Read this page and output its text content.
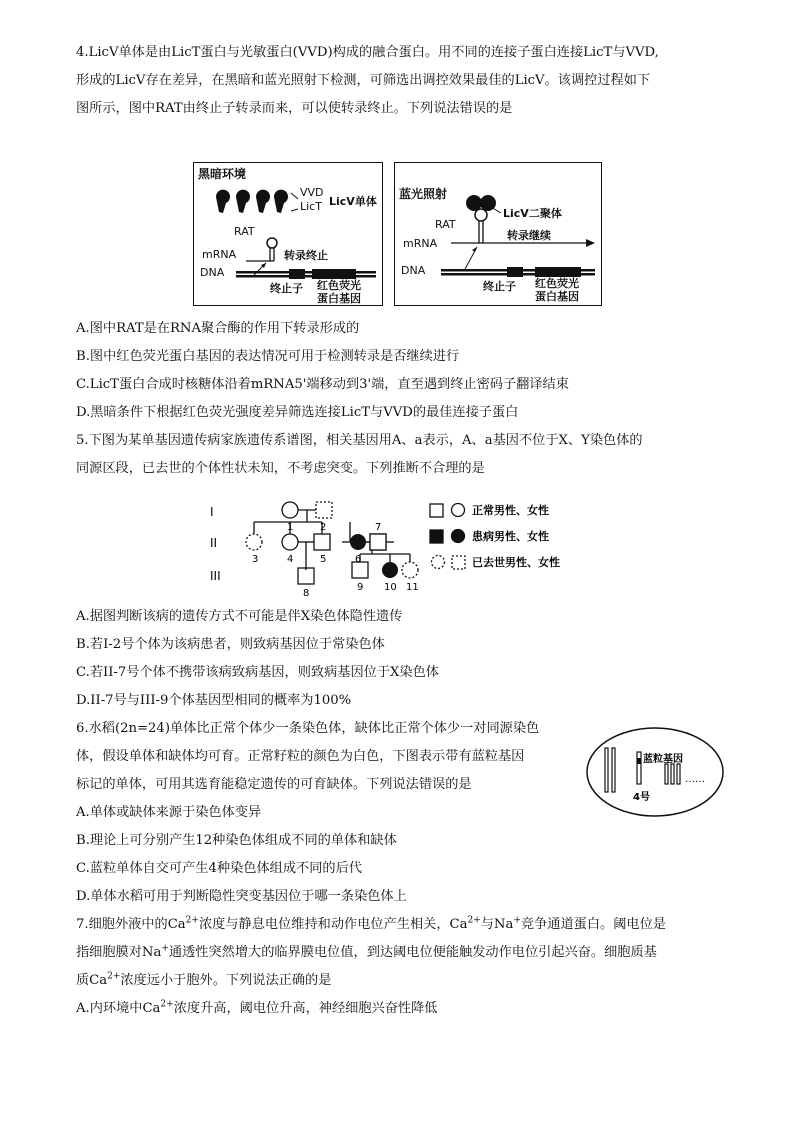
4.LicV单体是由LicT蛋白与光敏蛋白(VVD)构成的融合蛋白。用不同的连接子蛋白连接LicT与VVD,
形成的LicV存在差异，在黑暗和蓝光照射下检测，可筛选出调控效果最佳的LicV。该调控过程如下
图所示，图中RAT由终止子转录而来，可以使转录终止。下列说法错误的是
黑暗环境
VVD
LicT LicV单体
RAT
mRNA	转录终止
DNA
终止子 红色荧光
蛋白基因
蓝光照射
RAT
LicV二聚体
转录继续
mRNA
DNA
终止子 红色荧光
蛋白基因
A.图中RAT是在RNA聚合酶的作用下转录形成的
B.图中红色荧光蛋白基因的表达情况可用于检测转录是否继续进行
C.LicT蛋白合成时核糖体沿着mRNA5'端移动到3'端，直至遇到终止密码子翻译结束
D.黑暗条件下根据红色荧光强度差异筛选连接LicT与VVD的最佳连接子蛋白
5.下图为某单基因遗传病家族遗传系谱图，相关基因用A、a表示，A、a基因不位于X、Y染色体的
同源区段，已去世的个体性状未知，不考虑突变。下列推断不合理的是
I
II
III
1	2
3	4	5	6
7
8
9 10 11
正常男性、女性
患病男性、女性
已去世男性、女性
A.据图判断该病的遗传方式不可能是伴X染色体隐性遗传
B.若I-2号个体为该病患者，则致病基因位于常染色体
C.若II-7号个体不携带该病致病基因，则致病基因位于X染色体
D.II-7号与III-9个体基因型相同的概率为100%
6.水稻(2n=24)单体比正常个体少一条染色体，缺体比正常个体少一对同源染色
体，假设单体和缺体均可育。正常籽粒的颜色为白色，下图表示带有蓝粒基因
标记的单体，可用其选育能稳定遗传的可育缺体。下列说法错误的是
蓝粒基因
4号
……
A.单体或缺体来源于染色体变异
B.理论上可分别产生12种染色体组成不同的单体和缺体
C.蓝粒单体自交可产生4种染色体组成不同的后代
D.单体水稻可用于判断隐性突变基因位于哪一条染色体上
7.细胞外液中的$Ca^{2+}$浓度与静息电位维持和动作电位产生相关，$Ca^{2+}$与Na+竞争通道蛋白。阈电位是
指细胞膜对Na+通透性突然增大的临界膜电位值，到达阈电位便能触发动作电位引起兴奋。细胞质基
质$Ca^{2+}$浓度远小于胞外。下列说法正确的是
A.内环境中$Ca^{2+}$浓度升高，阈电位升高，神经细胞兴奋性降低
